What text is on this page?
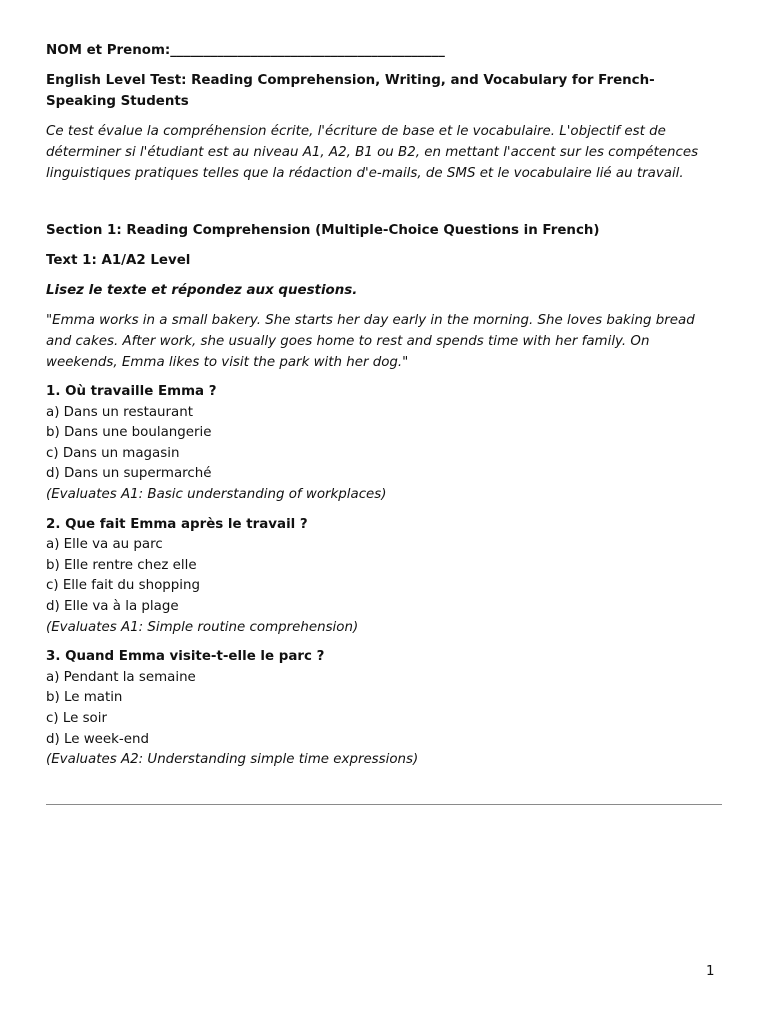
NOM et Prenom:_________________________________________

English Level Test: Reading Comprehension, Writing, and Vocabulary for French-Speaking Students

Ce test évalue la compréhension écrite, l'écriture de base et le vocabulaire. L'objectif est de déterminer si l'étudiant est au niveau A1, A2, B1 ou B2, en mettant l'accent sur les compétences linguistiques pratiques telles que la rédaction d'e-mails, de SMS et le vocabulaire lié au travail.

Section 1: Reading Comprehension (Multiple-Choice Questions in French)

Text 1: A1/A2 Level

Lisez le texte et répondez aux questions.

"Emma works in a small bakery. She starts her day early in the morning. She loves baking bread and cakes. After work, she usually goes home to rest and spends time with her family. On weekends, Emma likes to visit the park with her dog."

1. Où travaille Emma ?
a) Dans un restaurant
b) Dans une boulangerie
c) Dans un magasin
d) Dans un supermarché
(Evaluates A1: Basic understanding of workplaces)
2. Que fait Emma après le travail ?
a) Elle va au parc
b) Elle rentre chez elle
c) Elle fait du shopping
d) Elle va à la plage
(Evaluates A1: Simple routine comprehension)
3. Quand Emma visite-t-elle le parc ?
a) Pendant la semaine
b) Le matin
c) Le soir
d) Le week-end
(Evaluates A2: Understanding simple time expressions)
1
